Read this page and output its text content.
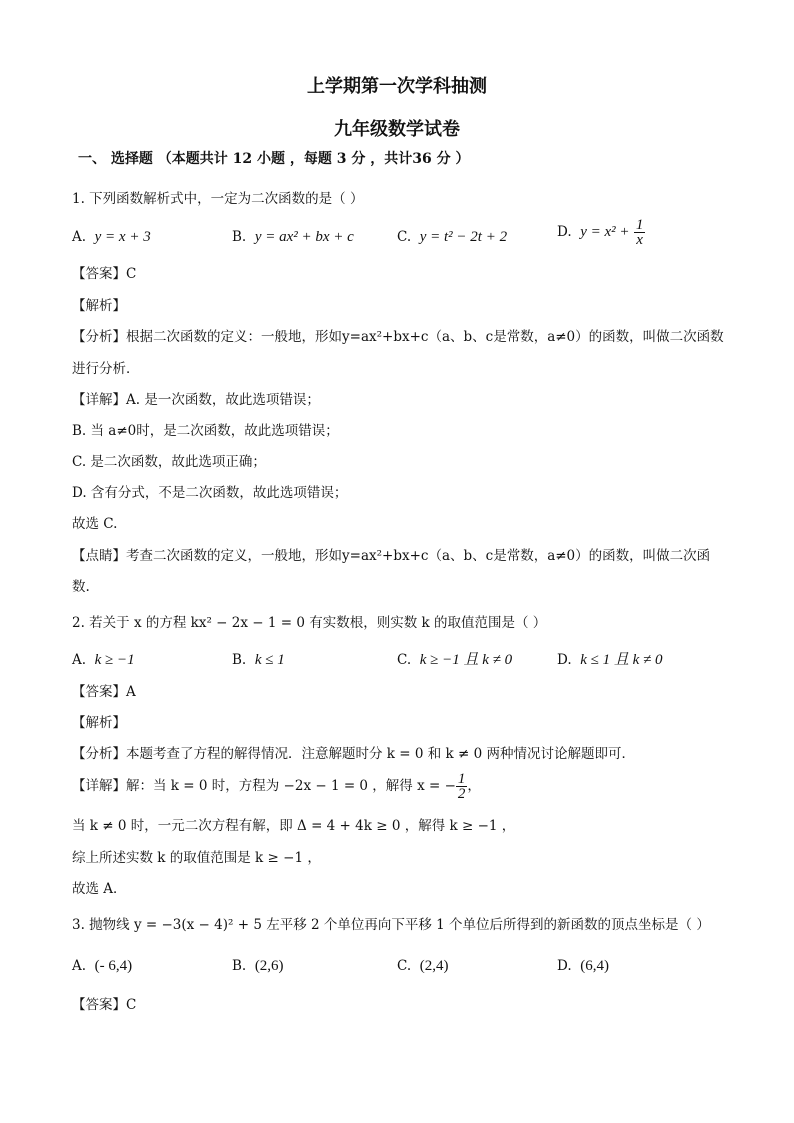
上学期第一次学科抽测
九年级数学试卷
一、 选择题 （本题共计 12 小题 ，每题 3 分 ，共计36 分 ）
1. 下列函数解析式中，一定为二次函数的是（ ）
A. y = x + 3	B. y = ax² + bx + c	C. y = t² − 2t + 2	D. $y = x^2 + \frac{1}{x}$
【答案】C
【解析】
【分析】根据二次函数的定义：一般地，形如y=ax²+bx+c（a、b、c是常数，a≠0）的函数，叫做二次函数
进行分析．
【详解】A. 是一次函数，故此选项错误；
B. 当 a≠0时，是二次函数，故此选项错误；
C. 是二次函数，故此选项正确；
D. 含有分式，不是二次函数，故此选项错误；
故选 C.
【点睛】考查二次函数的定义，一般地，形如y=ax²+bx+c（a、b、c是常数，a≠0）的函数，叫做二次函
数.
2. 若关于 x 的方程 kx² − 2x − 1 = 0 有实数根，则实数 k 的取值范围是（ ）
A. k ≥ −1	B. k ≤ 1	C. k ≥ −1 且 k ≠ 0	D. k ≤ 1 且 k ≠ 0
【答案】A
【解析】
【分析】本题考查了方程的解得情况．注意解题时分 k = 0 和 k ≠ 0 两种情况讨论解题即可．
【详解】解：当 k = 0 时，方程为 −2x − 1 = 0 ，解得 x = − $\frac{1}{2}$ ，
当 k ≠ 0 时，一元二次方程有解，即 Δ = 4 + 4k ≥ 0 ，解得 k ≥ −1 ，
综上所述实数 k 的取值范围是 k ≥ −1 ，
故选 A．
3. 抛物线 y = −3(x − 4)² + 5 左平移 2 个单位再向下平移 1 个单位后所得到的新函数的顶点坐标是（ ）
A. (- 6,4)	B. (2,6)	C. (2,4)	D. (6,4)
【答案】C
